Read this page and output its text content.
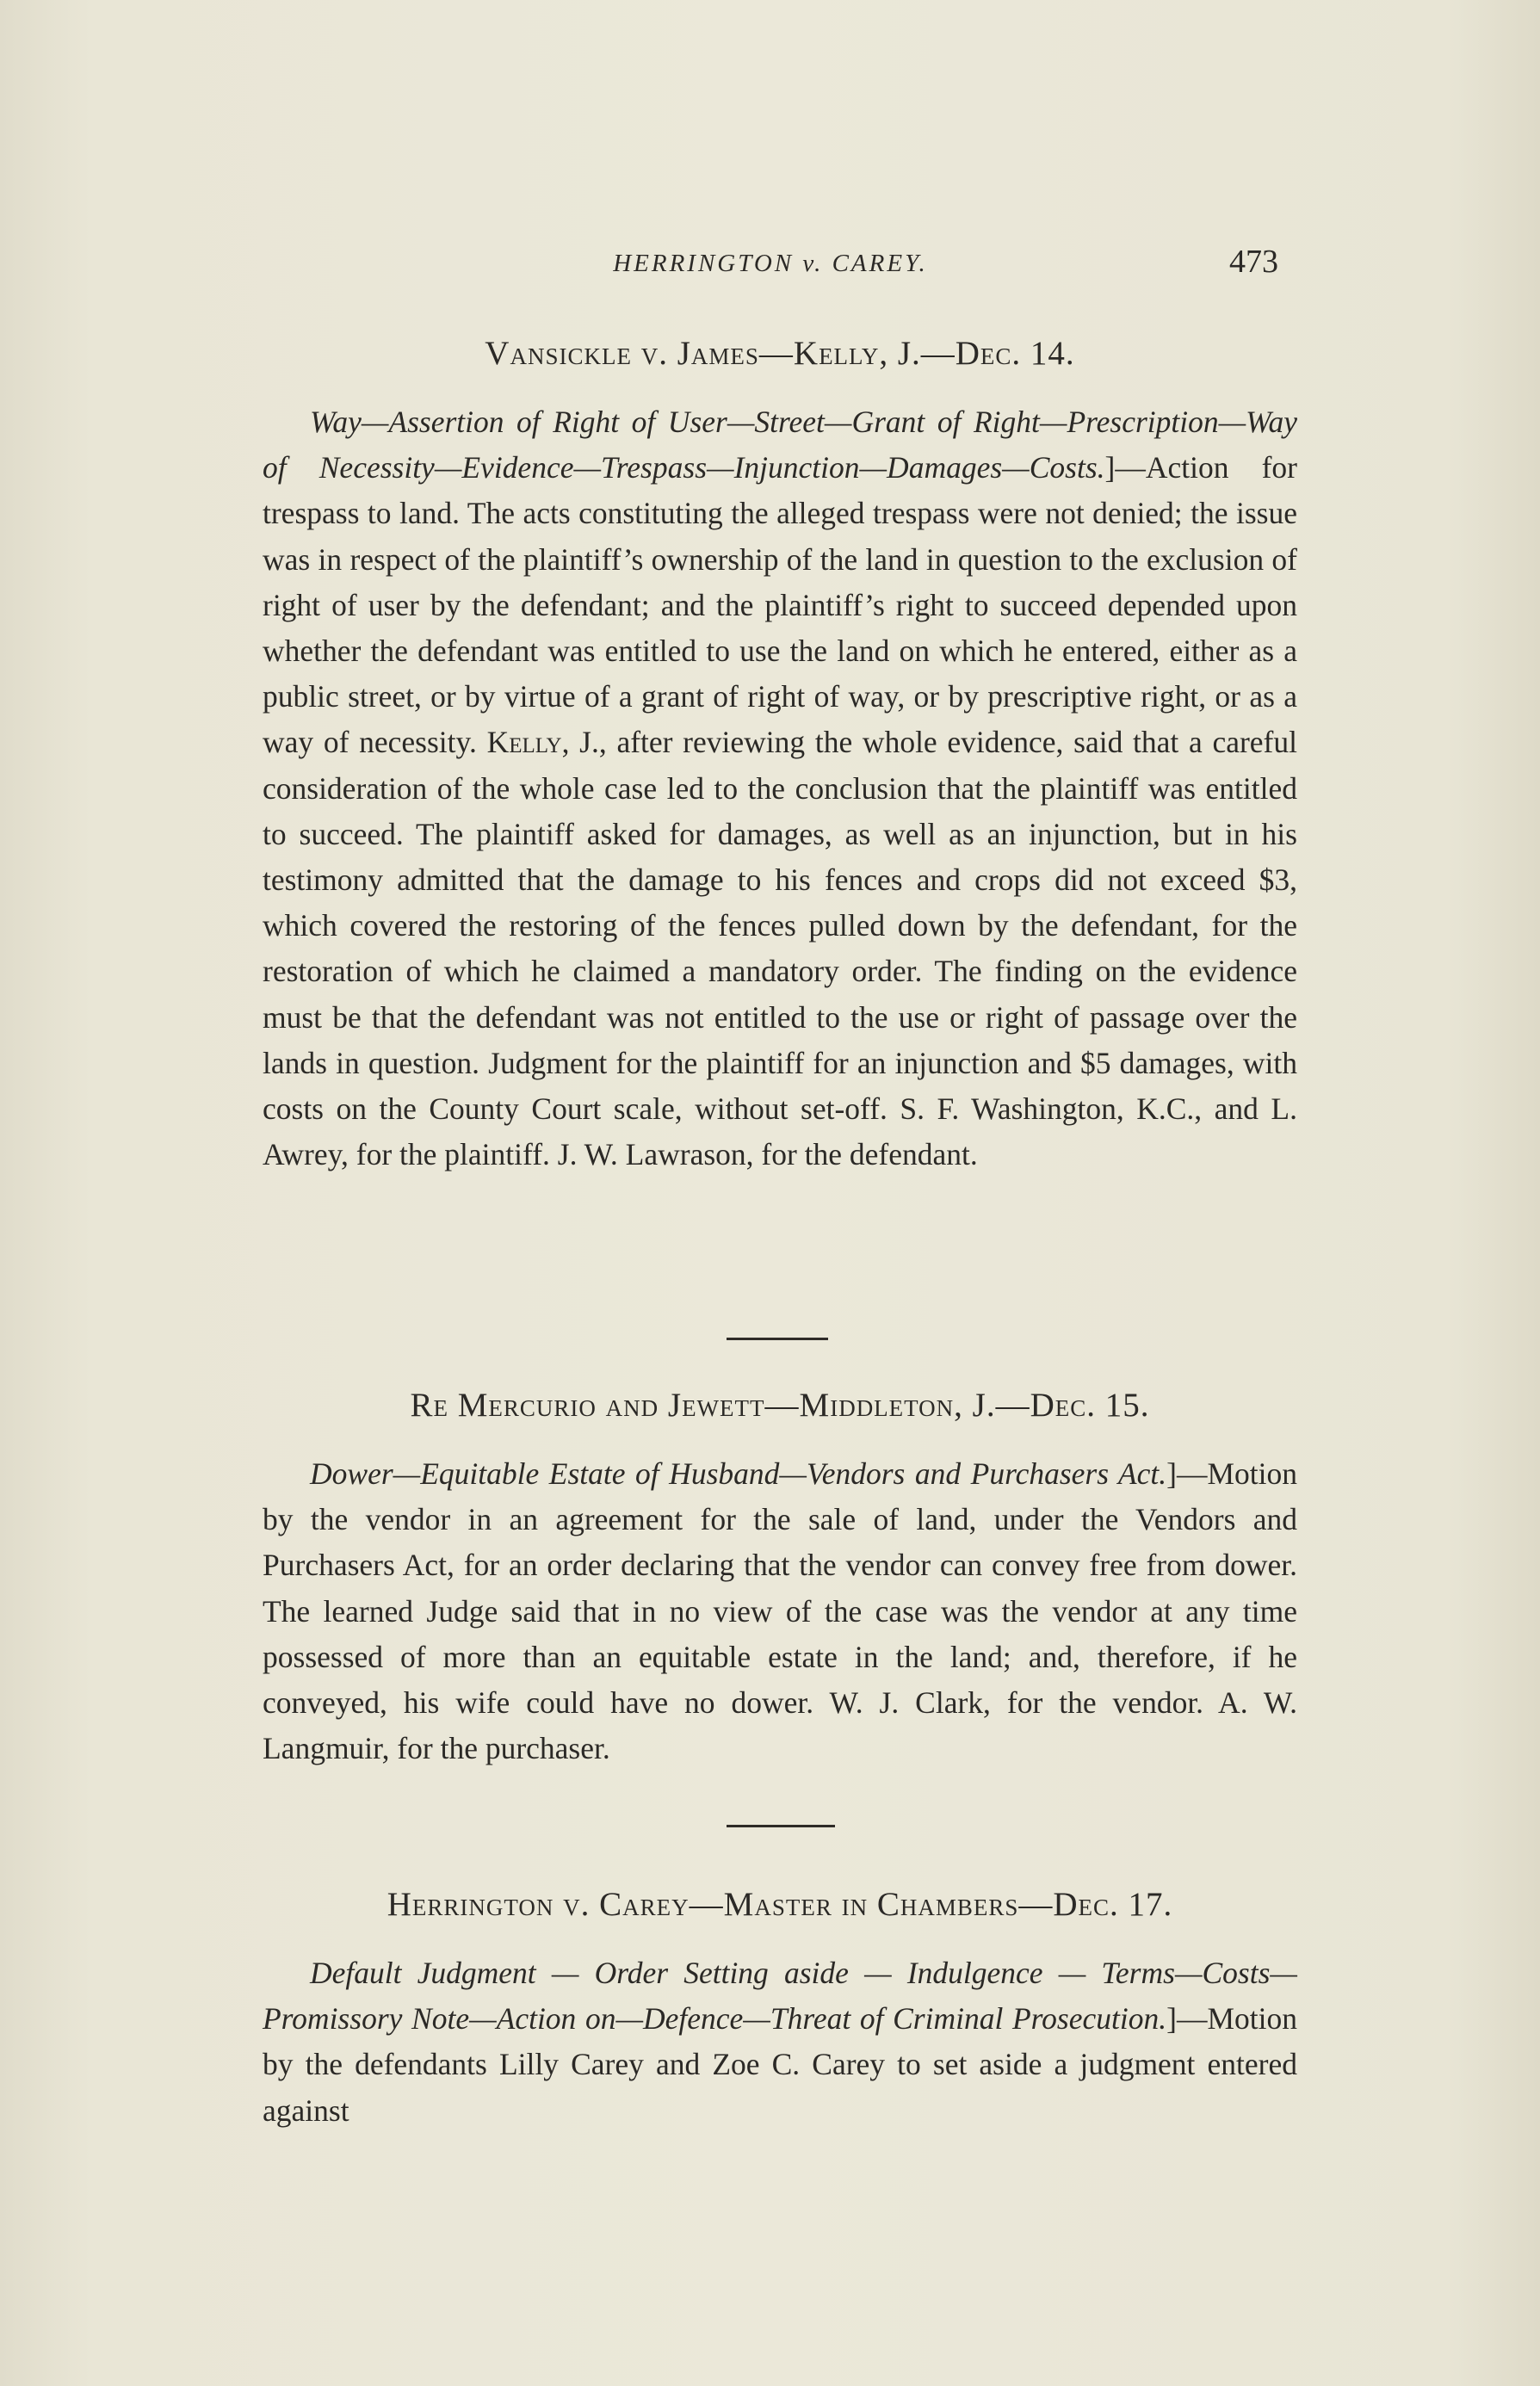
HERRINGTON v. CAREY.	473
Vansickle v. James—Kelly, J.—Dec. 14.

Way—Assertion of Right of User—Street—Grant of Right—Prescription—Way of Necessity—Evidence—Trespass—Injunction—Damages—Costs.]—Action for trespass to land. The acts constituting the alleged trespass were not denied; the issue was in respect of the plaintiff’s ownership of the land in question to the exclusion of right of user by the defendant; and the plaintiff’s right to succeed depended upon whether the defendant was entitled to use the land on which he entered, either as a public street, or by virtue of a grant of right of way, or by prescriptive right, or as a way of necessity. Kelly, J., after reviewing the whole evidence, said that a careful consideration of the whole case led to the conclusion that the plaintiff was entitled to succeed. The plaintiff asked for damages, as well as an injunction, but in his testimony admitted that the damage to his fences and crops did not exceed $3, which covered the restoring of the fences pulled down by the defendant, for the restoration of which he claimed a mandatory order. The finding on the evidence must be that the defendant was not entitled to the use or right of passage over the lands in question. Judgment for the plaintiff for an injunction and $5 damages, with costs on the County Court scale, without set-off. S. F. Washington, K.C., and L. Awrey, for the plaintiff. J. W. Lawrason, for the defendant.

Re Mercurio and Jewett—Middleton, J.—Dec. 15.

Dower—Equitable Estate of Husband—Vendors and Purchasers Act.]—Motion by the vendor in an agreement for the sale of land, under the Vendors and Purchasers Act, for an order declaring that the vendor can convey free from dower. The learned Judge said that in no view of the case was the vendor at any time possessed of more than an equitable estate in the land; and, therefore, if he conveyed, his wife could have no dower. W. J. Clark, for the vendor. A. W. Langmuir, for the purchaser.

Herrington v. Carey—Master in Chambers—Dec. 17.

Default Judgment — Order Setting aside — Indulgence — Terms—Costs—Promissory Note—Action on—Defence—Threat of Criminal Prosecution.]—Motion by the defendants Lilly Carey and Zoe C. Carey to set aside a judgment entered against
